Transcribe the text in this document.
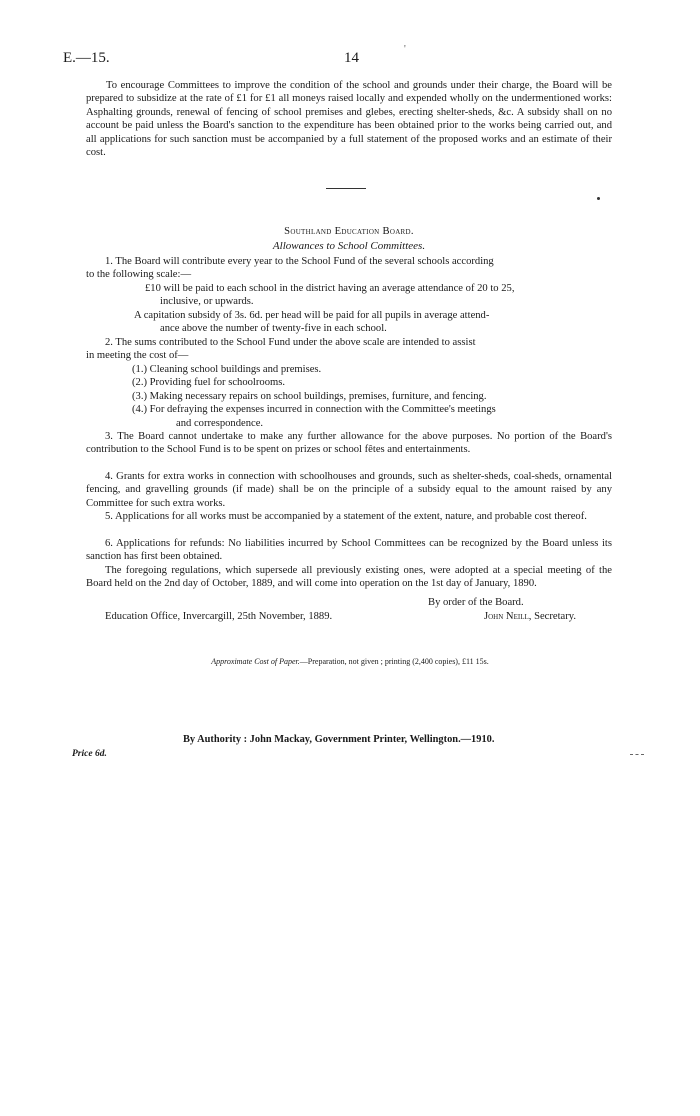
E.—15.	14
'
To encourage Committees to improve the condition of the school and grounds under their charge, the Board will be prepared to subsidize at the rate of £1 for £1 all moneys raised locally and expended wholly on the undermentioned works: Asphalting grounds, renewal of fencing of school premises and glebes, erecting shelter-sheds, &c. A subsidy shall on no account be paid unless the Board's sanction to the expenditure has been obtained prior to the works being carried out, and all applications for such sanction must be accompanied by a full statement of the proposed works and an estimate of their cost.
Southland Education Board.
Allowances to School Committees.
1. The Board will contribute every year to the School Fund of the several schools according
to the following scale:—
£10 will be paid to each school in the district having an average attendance of 20 to 25,
inclusive, or upwards.
A capitation subsidy of 3s. 6d. per head will be paid for all pupils in average attend-
ance above the number of twenty-five in each school.
2. The sums contributed to the School Fund under the above scale are intended to assist
in meeting the cost of—
(1.) Cleaning school buildings and premises.
(2.) Providing fuel for schoolrooms.
(3.) Making necessary repairs on school buildings, premises, furniture, and fencing.
(4.) For defraying the expenses incurred in connection with the Committee's meetings
and correspondence.
3. The Board cannot undertake to make any further allowance for the above purposes. No portion of the Board's contribution to the School Fund is to be spent on prizes or school fêtes and entertainments.
4. Grants for extra works in connection with schoolhouses and grounds, such as shelter-sheds, coal-sheds, ornamental fencing, and gravelling grounds (if made) shall be on the principle of a subsidy equal to the amount raised by any Committee for such extra works.
5. Applications for all works must be accompanied by a statement of the extent, nature, and probable cost thereof.
6. Applications for refunds: No liabilities incurred by School Committees can be recognized by the Board unless its sanction has first been obtained.
The foregoing regulations, which supersede all previously existing ones, were adopted at a special meeting of the Board held on the 2nd day of October, 1889, and will come into operation on the 1st day of January, 1890.
By order of the Board.
Education Office, Invercargill, 25th November, 1889.	John Neill, Secretary.
Approximate Cost of Paper.—Preparation, not given ; printing (2,400 copies), £11 15s.
By Authority : John Mackay, Government Printer, Wellington.—1910.
Price 6d.
